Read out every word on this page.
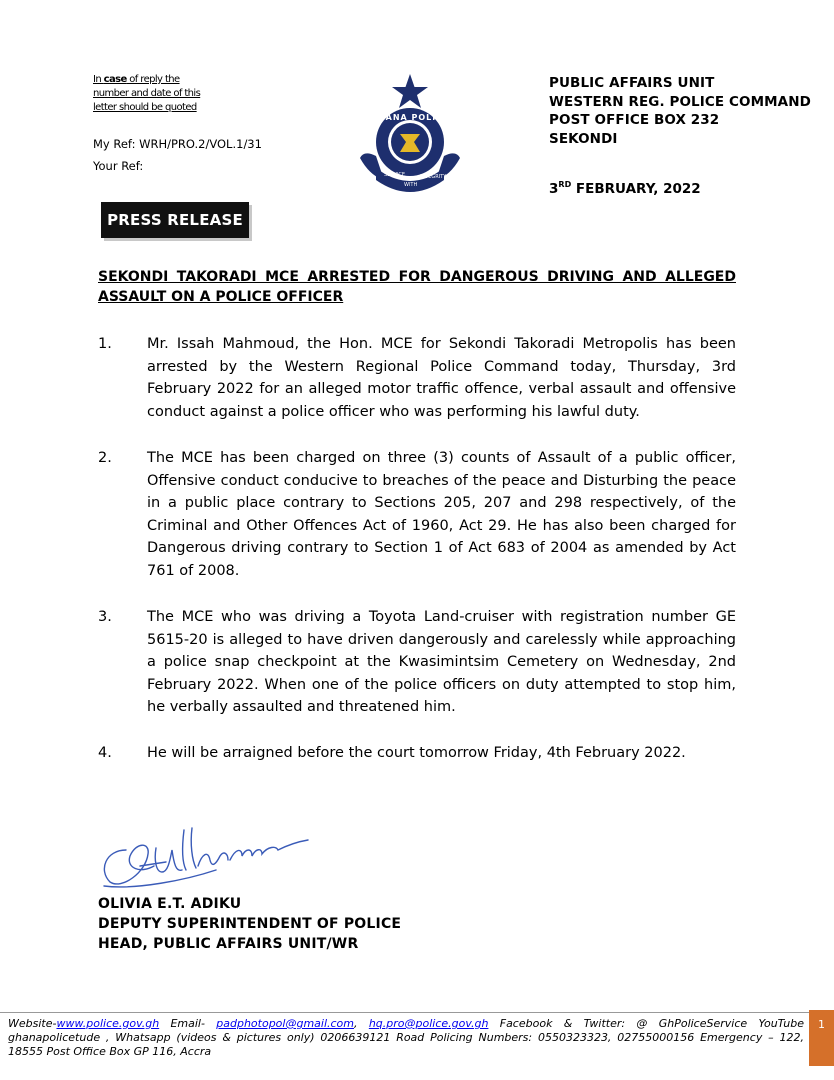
In case of reply the number and date of this letter should be quoted
My Ref: WRH/PRO.2/VOL.1/31
Your Ref:
GHANA POLICE
SERVICE
WITH
INTEGRITY
PUBLIC AFFAIRS UNIT
WESTERN REG. POLICE COMMAND
POST OFFICE BOX 232
SEKONDI
3RD FEBRUARY, 2022
PRESS RELEASE
SEKONDI TAKORADI MCE ARRESTED FOR DANGEROUS DRIVING AND ALLEGED ASSAULT ON A POLICE OFFICER
1. Mr. Issah Mahmoud, the Hon. MCE for Sekondi Takoradi Metropolis has been arrested by the Western Regional Police Command today, Thursday, 3rd February 2022 for an alleged motor traffic offence, verbal assault and offensive conduct against a police officer who was performing his lawful duty.
2. The MCE has been charged on three (3) counts of Assault of a public officer, Offensive conduct conducive to breaches of the peace and Disturbing the peace in a public place contrary to Sections 205, 207 and 298 respectively, of the Criminal and Other Offences Act of 1960, Act 29. He has also been charged for Dangerous driving contrary to Section 1 of Act 683 of 2004 as amended by Act 761 of 2008.
3. The MCE who was driving a Toyota Land-cruiser with registration number GE 5615-20 is alleged to have driven dangerously and carelessly while approaching a police snap checkpoint at the Kwasimintsim Cemetery on Wednesday, 2nd February 2022. When one of the police officers on duty attempted to stop him, he verbally assaulted and threatened him.
4. He will be arraigned before the court tomorrow Friday, 4th February 2022.
OLIVIA E.T. ADIKU
DEPUTY SUPERINTENDENT OF POLICE
HEAD, PUBLIC AFFAIRS UNIT/WR
Website-www.police.gov.gh Email- padphotopol@gmail.com, hq.pro@police.gov.gh Facebook & Twitter: @ GhPoliceService YouTube ghanapolicetude , Whatsapp (videos & pictures only) 0206639121 Road Policing Numbers: 0550323323, 02755000156 Emergency – 122, 18555 Post Office Box GP 116, Accra
1
